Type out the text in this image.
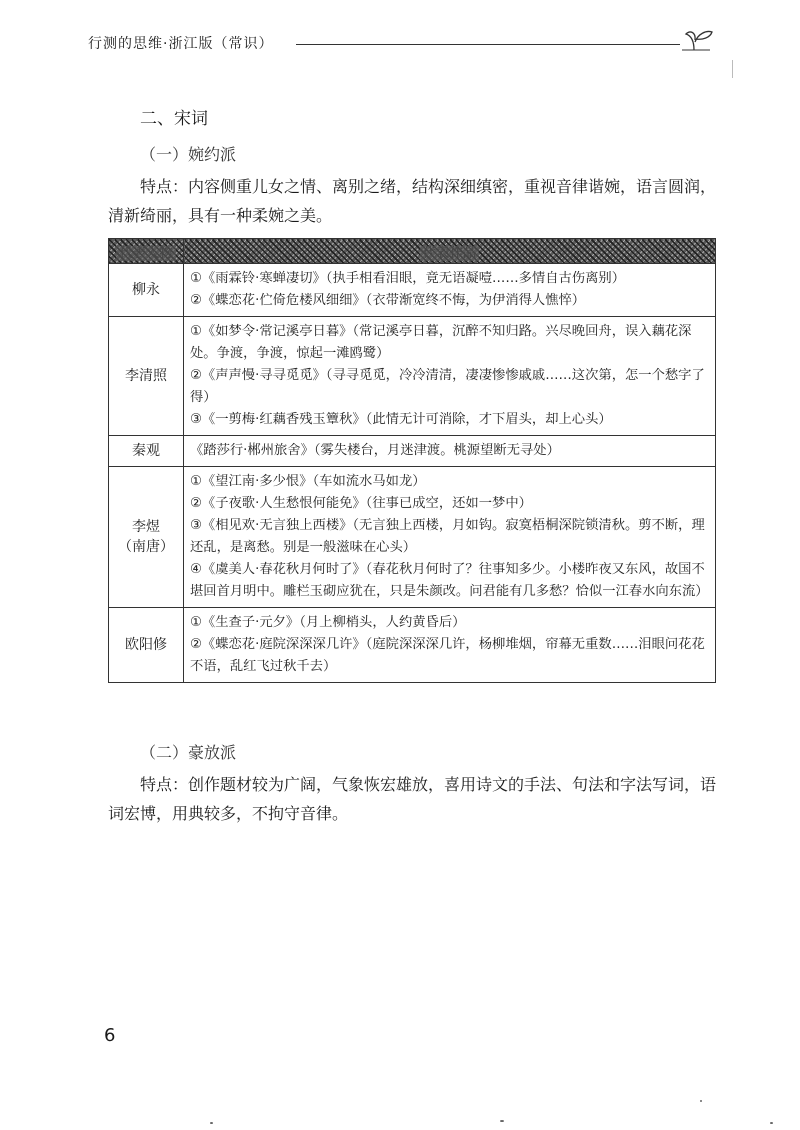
行测的思维·浙江版（常识）
二、宋词
（一）婉约派

特点：内容侧重儿女之情、离别之绪，结构深细缜密，重视音律谐婉，语言圆润，清新绮丽，具有一种柔婉之美。

代表人物	代表作品
柳永	①《雨霖铃·寒蝉凄切》（执手相看泪眼，竟无语凝噎……多情自古伤离别）
②《蝶恋花·伫倚危楼风细细》（衣带渐宽终不悔，为伊消得人憔悴）

李清照	①《如梦令·常记溪亭日暮》（常记溪亭日暮，沉醉不知归路。兴尽晚回舟，误入藕花深处。争渡，争渡，惊起一滩鸥鹭）
②《声声慢·寻寻觅觅》（寻寻觅觅，冷冷清清，凄凄惨惨戚戚……这次第，怎一个愁字了得）
③《一剪梅·红藕香残玉簟秋》（此情无计可消除，才下眉头，却上心头）

秦观	《踏莎行·郴州旅舍》（雾失楼台，月迷津渡。桃源望断无寻处）

李煜
（南唐）	①《望江南·多少恨》（车如流水马如龙）
②《子夜歌·人生愁恨何能免》（往事已成空，还如一梦中）
③《相见欢·无言独上西楼》（无言独上西楼，月如钩。寂寞梧桐深院锁清秋。剪不断，理还乱，是离愁。别是一般滋味在心头）
④《虞美人·春花秋月何时了》（春花秋月何时了？往事知多少。小楼昨夜又东风，故国不堪回首月明中。雕栏玉砌应犹在，只是朱颜改。问君能有几多愁？恰似一江春水向东流）

欧阳修	①《生查子·元夕》（月上柳梢头，人约黄昏后）
②《蝶恋花·庭院深深深几许》（庭院深深深几许，杨柳堆烟，帘幕无重数……泪眼问花花不语，乱红飞过秋千去）
（二）豪放派

特点：创作题材较为广阔，气象恢宏雄放，喜用诗文的手法、句法和字法写词，语词宏博，用典较多，不拘守音律。

6
